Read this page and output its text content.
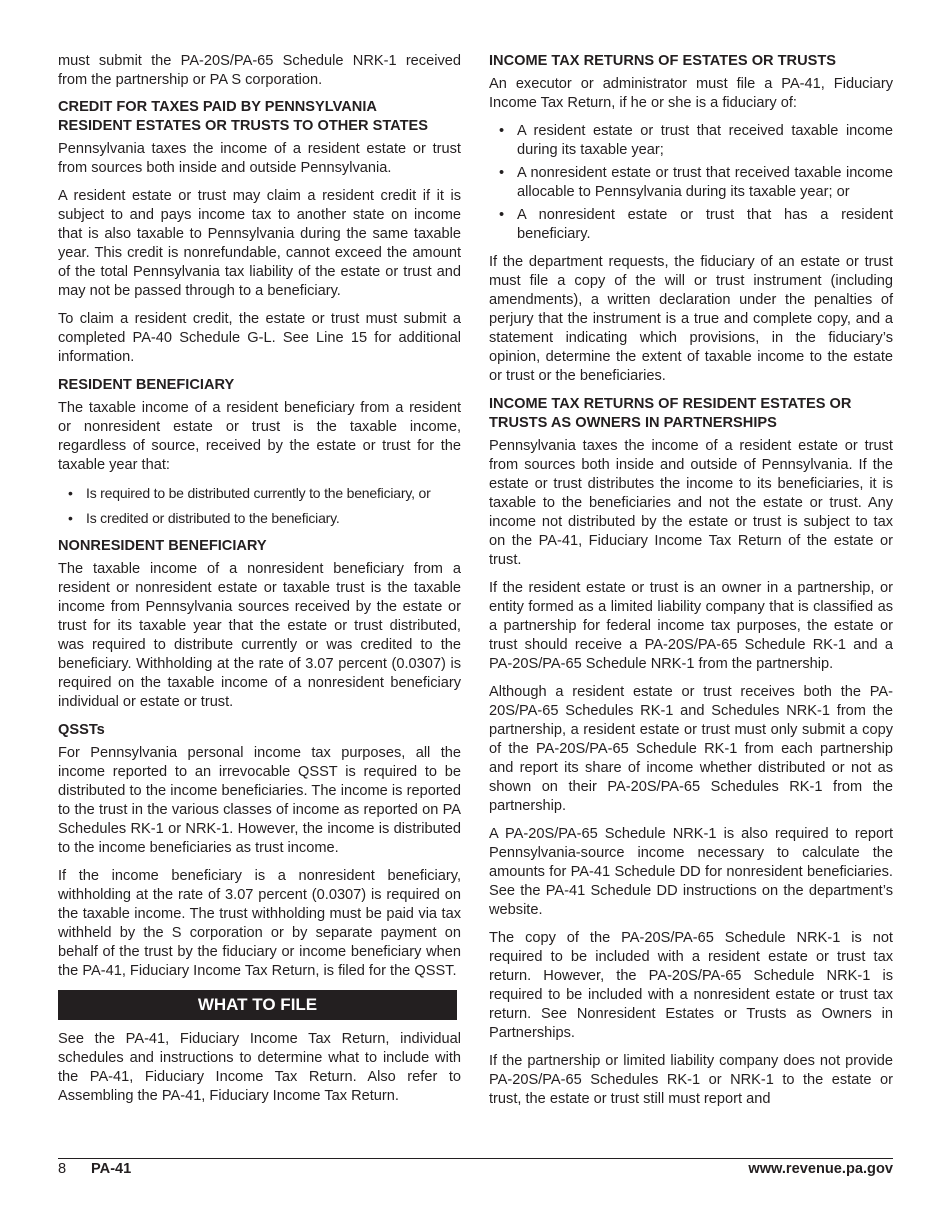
must submit the PA-20S/PA-65 Schedule NRK-1 received from the partnership or PA S corporation.

CREDIT FOR TAXES PAID BY PENNSYLVANIA
RESIDENT ESTATES OR TRUSTS TO OTHER STATES

Pennsylvania taxes the income of a resident estate or trust from sources both inside and outside Pennsylvania.

A resident estate or trust may claim a resident credit if it is subject to and pays income tax to another state on income that is also taxable to Pennsylvania during the same taxable year. This credit is nonrefundable, cannot exceed the amount of the total Pennsylvania tax liability of the estate or trust and may not be passed through to a beneficiary.

To claim a resident credit, the estate or trust must submit a completed PA-40 Schedule G-L. See Line 15 for additional information.

RESIDENT BENEFICIARY

The taxable income of a resident beneficiary from a resident or nonresident estate or trust is the taxable income, regardless of source, received by the estate or trust for the taxable year that:

• Is required to be distributed currently to the beneficiary, or
• Is credited or distributed to the beneficiary.
NONRESIDENT BENEFICIARY

The taxable income of a nonresident beneficiary from a resident or nonresident estate or taxable trust is the taxable income from Pennsylvania sources received by the estate or trust for its taxable year that the estate or trust distributed, was required to distribute currently or was credited to the beneficiary. Withholding at the rate of 3.07 percent (0.0307) is required on the taxable income of a nonresident beneficiary individual or estate or trust.

QSSTs

For Pennsylvania personal income tax purposes, all the income reported to an irrevocable QSST is required to be distributed to the income beneficiaries. The income is reported to the trust in the various classes of income as reported on PA Schedules RK-1 or NRK-1. However, the income is distributed to the income beneficiaries as trust income.

If the income beneficiary is a nonresident beneficiary, withholding at the rate of 3.07 percent (0.0307) is required on the taxable income. The trust withholding must be paid via tax withheld by the S corporation or by separate payment on behalf of the trust by the fiduciary or income beneficiary when the PA-41, Fiduciary Income Tax Return, is filed for the QSST.

WHAT TO FILE

See the PA-41, Fiduciary Income Tax Return, individual schedules and instructions to determine what to include with the PA-41, Fiduciary Income Tax Return. Also refer to Assembling the PA-41, Fiduciary Income Tax Return.

INCOME TAX RETURNS OF ESTATES OR TRUSTS

An executor or administrator must file a PA-41, Fiduciary Income Tax Return, if he or she is a fiduciary of:

• A resident estate or trust that received taxable income during its taxable year;
• A nonresident estate or trust that received taxable income allocable to Pennsylvania during its taxable year; or
• A nonresident estate or trust that has a resident beneficiary.

If the department requests, the fiduciary of an estate or trust must file a copy of the will or trust instrument (including amendments), a written declaration under the penalties of perjury that the instrument is a true and complete copy, and a statement indicating which provisions, in the fiduciary’s opinion, determine the extent of taxable income to the estate or trust or the beneficiaries.

INCOME TAX RETURNS OF RESIDENT ESTATES OR
TRUSTS AS OWNERS IN PARTNERSHIPS

Pennsylvania taxes the income of a resident estate or trust from sources both inside and outside of Pennsylvania. If the estate or trust distributes the income to its beneficiaries, it is taxable to the beneficiaries and not the estate or trust. Any income not distributed by the estate or trust is subject to tax on the PA-41, Fiduciary Income Tax Return of the estate or trust.

If the resident estate or trust is an owner in a partnership, or entity formed as a limited liability company that is classified as a partnership for federal income tax purposes, the estate or trust should receive a PA-20S/PA-65 Schedule RK-1 and a PA-20S/PA-65 Schedule NRK-1 from the partnership.

Although a resident estate or trust receives both the PA-20S/PA-65 Schedules RK-1 and Schedules NRK-1 from the partnership, a resident estate or trust must only submit a copy of the PA-20S/PA-65 Schedule RK-1 from each partnership and report its share of income whether distributed or not as shown on their PA-20S/PA-65 Schedules RK-1 from the partnership.

A PA-20S/PA-65 Schedule NRK-1 is also required to report Pennsylvania-source income necessary to calculate the amounts for PA-41 Schedule DD for nonresident beneficiaries. See the PA-41 Schedule DD instructions on the department’s website.

The copy of the PA-20S/PA-65 Schedule NRK-1 is not required to be included with a resident estate or trust tax return. However, the PA-20S/PA-65 Schedule NRK-1 is required to be included with a nonresident estate or trust tax return. See Nonresident Estates or Trusts as Owners in Partnerships.

If the partnership or limited liability company does not provide PA-20S/PA-65 Schedules RK-1 or NRK-1 to the estate or trust, the estate or trust still must report and

8 PA-41	www.revenue.pa.gov
